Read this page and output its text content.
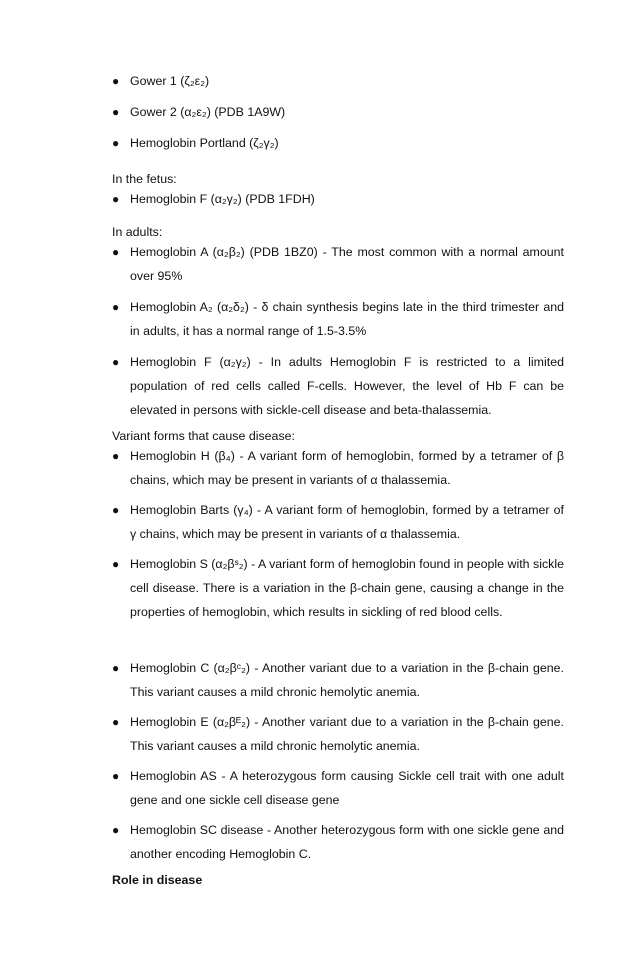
● Gower 1 (ζ₂ε₂)

● Gower 2 (α₂ε₂) (PDB 1A9W)

● Hemoglobin Portland (ζ₂γ₂)

In the fetus:

● Hemoglobin F (α₂γ₂) (PDB 1FDH)

In adults:

● Hemoglobin A (α₂β₂) (PDB 1BZ0) - The most common with a normal amount over 95%

● Hemoglobin A₂ (α₂δ₂) - δ chain synthesis begins late in the third trimester and in adults, it has a normal range of 1.5-3.5%

● Hemoglobin F (α₂γ₂) - In adults Hemoglobin F is restricted to a limited population of red cells called F-cells. However, the level of Hb F can be elevated in persons with sickle-cell disease and beta-thalassemia.

Variant forms that cause disease:

● Hemoglobin H (β₄) - A variant form of hemoglobin, formed by a tetramer of β chains, which may be present in variants of α thalassemia.

● Hemoglobin Barts (γ₄) - A variant form of hemoglobin, formed by a tetramer of γ chains, which may be present in variants of α thalassemia.

● Hemoglobin S (α₂βˢ₂) - A variant form of hemoglobin found in people with sickle cell disease. There is a variation in the β-chain gene, causing a change in the properties of hemoglobin, which results in sickling of red blood cells.

● Hemoglobin C (α₂βᶜ₂) - Another variant due to a variation in the β-chain gene. This variant causes a mild chronic hemolytic anemia.

● Hemoglobin E (α₂βᴱ₂) - Another variant due to a variation in the β-chain gene. This variant causes a mild chronic hemolytic anemia.

● Hemoglobin AS - A heterozygous form causing Sickle cell trait with one adult gene and one sickle cell disease gene

● Hemoglobin SC disease - Another heterozygous form with one sickle gene and another encoding Hemoglobin C.

Role in disease
